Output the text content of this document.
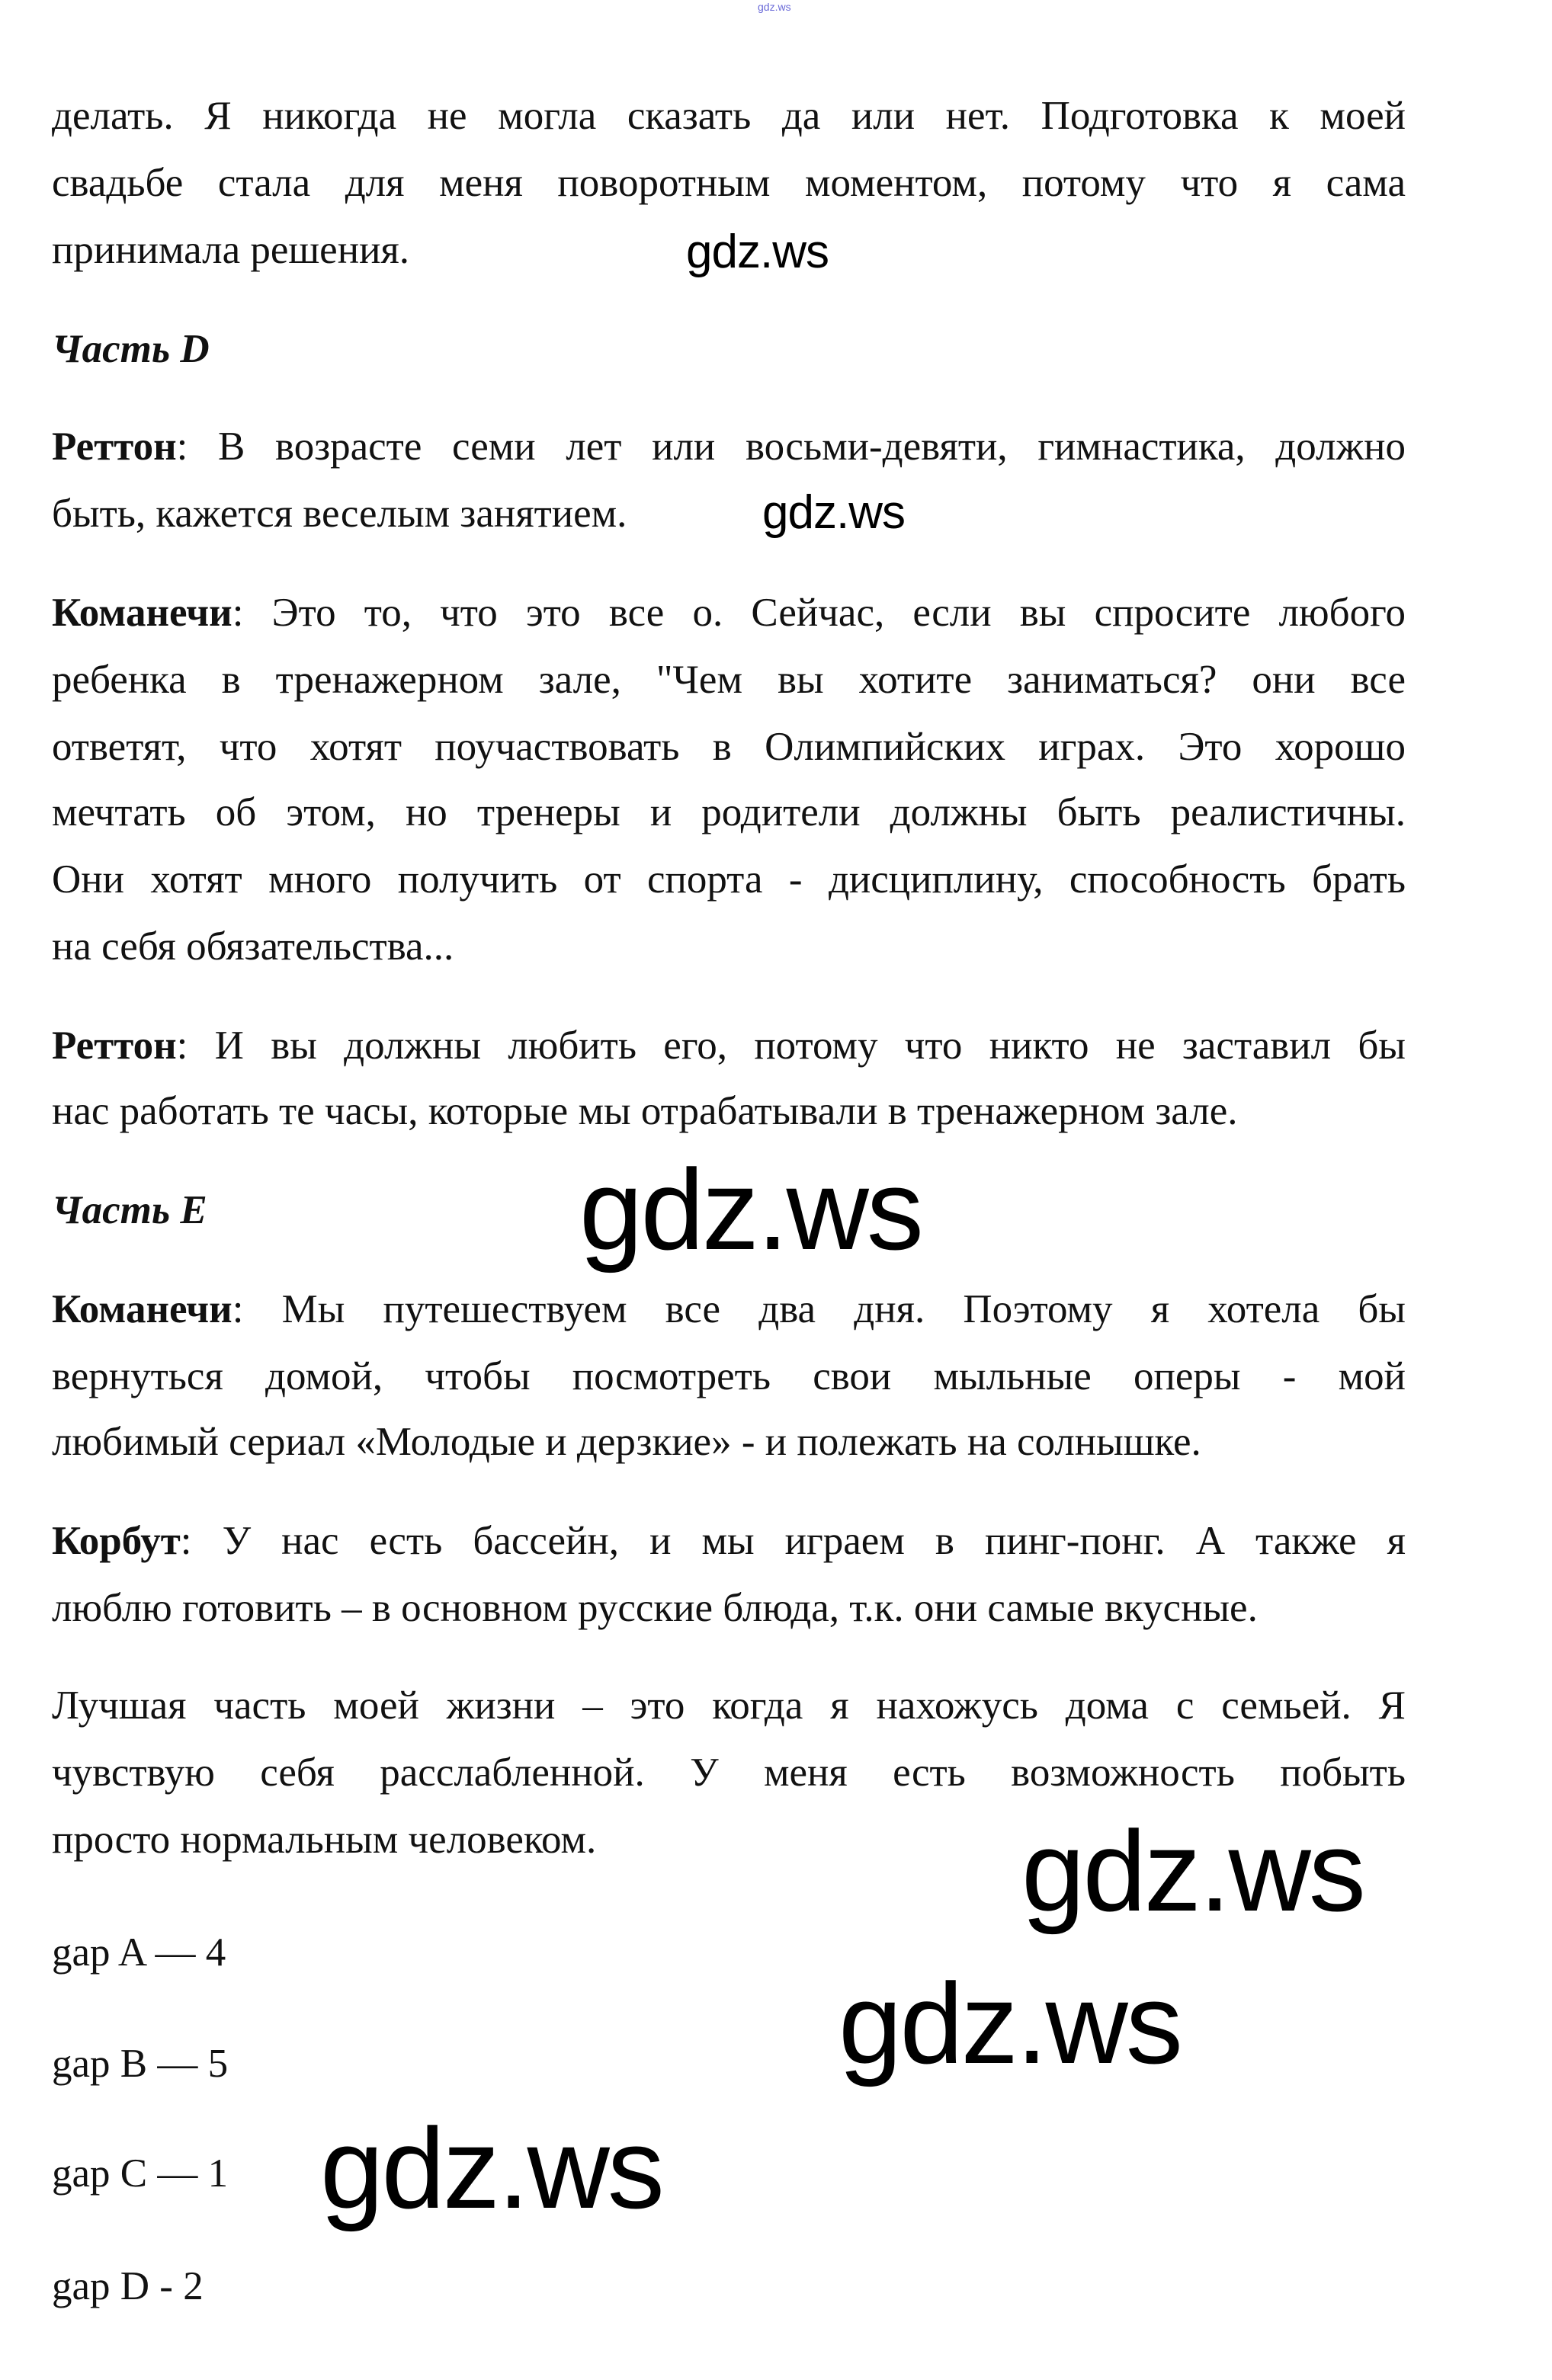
делать. Я никогда не могла сказать да или нет. Подготовка к моей
свадьбе стала для меня поворотным моментом, потому что я сама
принимала решения.
Часть D
Реттон: В возрасте семи лет или восьми-девяти, гимнастика, должно
быть, кажется веселым занятием.
Команечи: Это то, что это все о. Сейчас, если вы спросите любого
ребенка в тренажерном зале, "Чем вы хотите заниматься? они все
ответят, что хотят поучаствовать в Олимпийских играх. Это хорошо
мечтать об этом, но тренеры и родители должны быть реалистичны.
Они хотят много получить от спорта - дисциплину, способность брать
на себя обязательства...
Реттон: И вы должны любить его, потому что никто не заставил бы
нас работать те часы, которые мы отрабатывали в тренажерном зале.
Часть E
Команечи: Мы путешествуем все два дня. Поэтому я хотела бы
вернуться домой, чтобы посмотреть свои мыльные оперы - мой
любимый сериал «Молодые и дерзкие» - и полежать на солнышке.
Корбут: У нас есть бассейн, и мы играем в пинг-понг. А также я
люблю готовить – в основном русские блюда, т.к. они самые вкусные.
Лучшая часть моей жизни – это когда я нахожусь дома с семьей. Я
чувствую себя расслабленной. У меня есть возможность побыть
просто нормальным человеком.
gap A — 4
gap B — 5
gap C — 1
gap D - 2
gdz.ws
gdz.ws
gdz.ws
gdz.ws
gdz.ws
gdz.ws
gdz.ws
